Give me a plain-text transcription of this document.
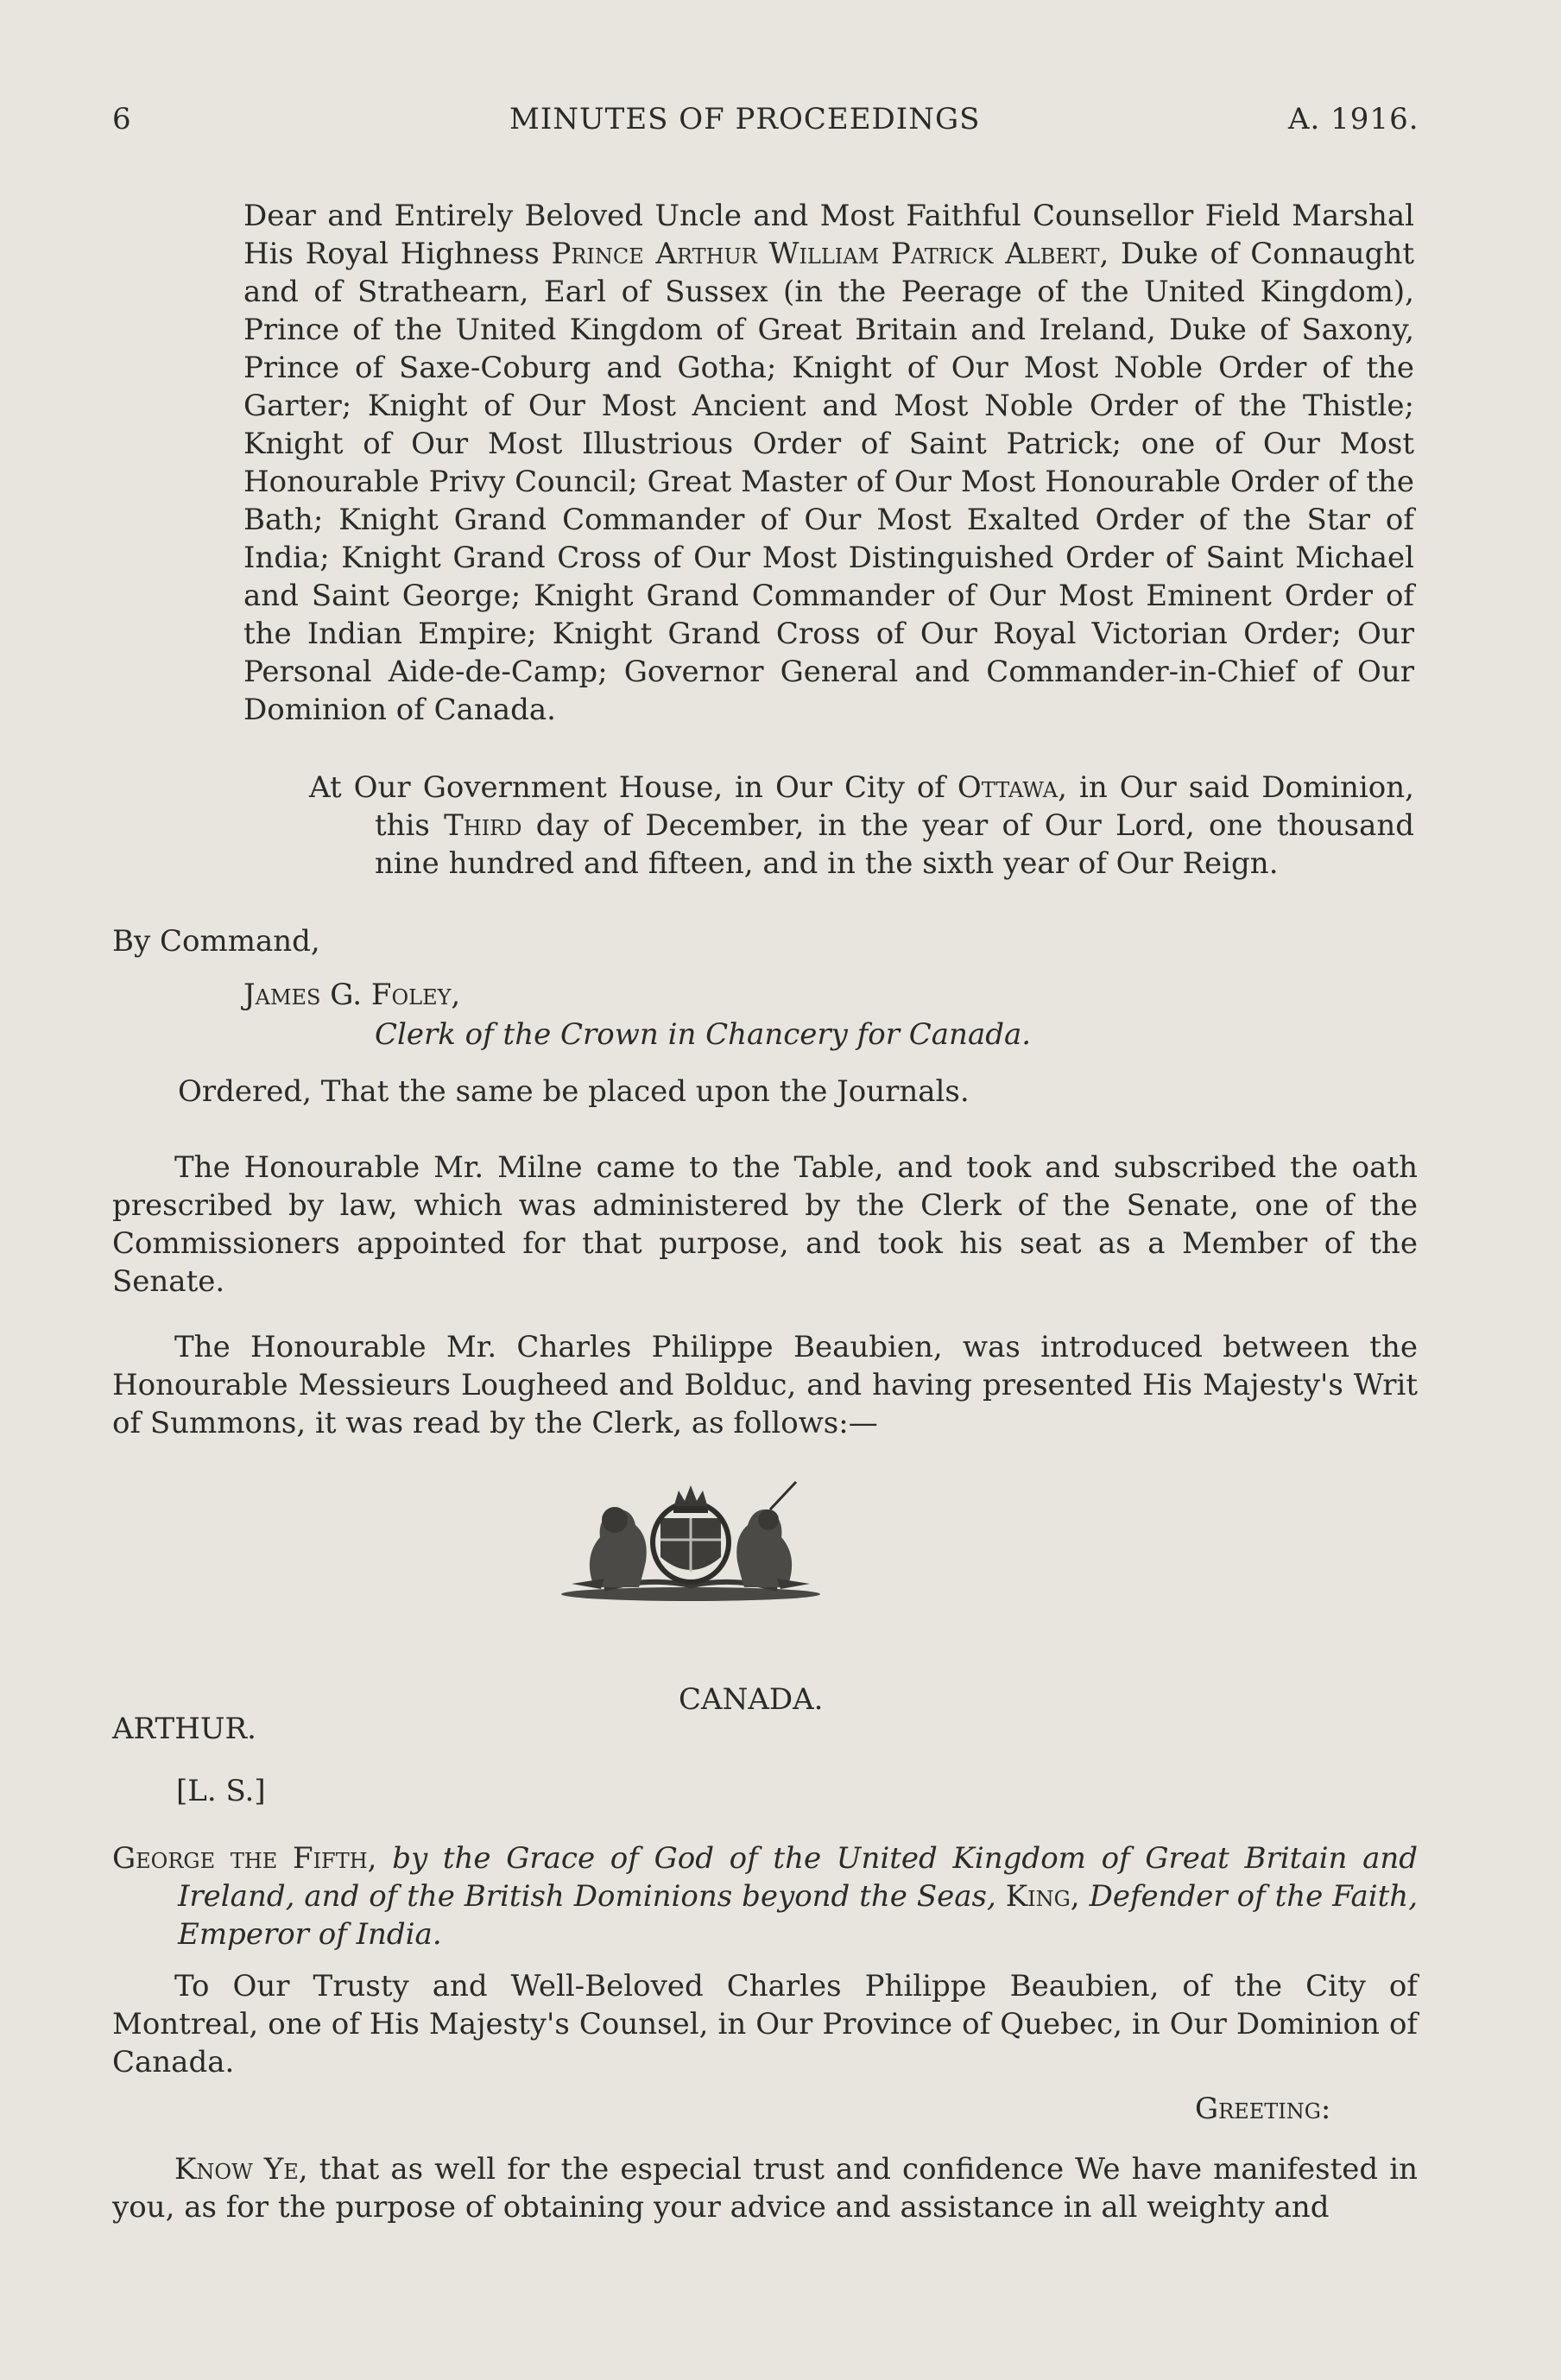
6	MINUTES OF PROCEEDINGS	A. 1916.

Dear and Entirely Beloved Uncle and Most Faithful Counsellor Field Marshal His Royal Highness Prince Arthur William Patrick Albert, Duke of Connaught and of Strathearn, Earl of Sussex (in the Peerage of the United Kingdom), Prince of the United Kingdom of Great Britain and Ireland, Duke of Saxony, Prince of Saxe-Coburg and Gotha; Knight of Our Most Noble Order of the Garter; Knight of Our Most Ancient and Most Noble Order of the Thistle; Knight of Our Most Illustrious Order of Saint Patrick; one of Our Most Honourable Privy Council; Great Master of Our Most Honourable Order of the Bath; Knight Grand Commander of Our Most Exalted Order of the Star of India; Knight Grand Cross of Our Most Distinguished Order of Saint Michael and Saint George; Knight Grand Commander of Our Most Eminent Order of the Indian Empire; Knight Grand Cross of Our Royal Victorian Order; Our Personal Aide-de-Camp; Governor General and Commander-in-Chief of Our Dominion of Canada.

At Our Government House, in Our City of Ottawa, in Our said Dominion, this Third day of December, in the year of Our Lord, one thousand nine hundred and fifteen, and in the sixth year of Our Reign.

By Command,
James G. Foley,
Clerk of the Crown in Chancery for Canada.
Ordered, That the same be placed upon the Journals.

The Honourable Mr. Milne came to the Table, and took and subscribed the oath prescribed by law, which was administered by the Clerk of the Senate, one of the Commissioners appointed for that purpose, and took his seat as a Member of the Senate.

The Honourable Mr. Charles Philippe Beaubien, was introduced between the Honourable Messieurs Lougheed and Bolduc, and having presented His Majesty's Writ of Summons, it was read by the Clerk, as follows:—

CANADA.
ARTHUR.
[L. S.]

George the Fifth, by the Grace of God of the United Kingdom of Great Britain and Ireland, and of the British Dominions beyond the Seas, King, Defender of the Faith, Emperor of India.

To Our Trusty and Well-Beloved Charles Philippe Beaubien, of the City of Montreal, one of His Majesty's Counsel, in Our Province of Quebec, in Our Dominion of Canada.

Greeting:

Know Ye, that as well for the especial trust and confidence We have manifested in you, as for the purpose of obtaining your advice and assistance in all weighty and
